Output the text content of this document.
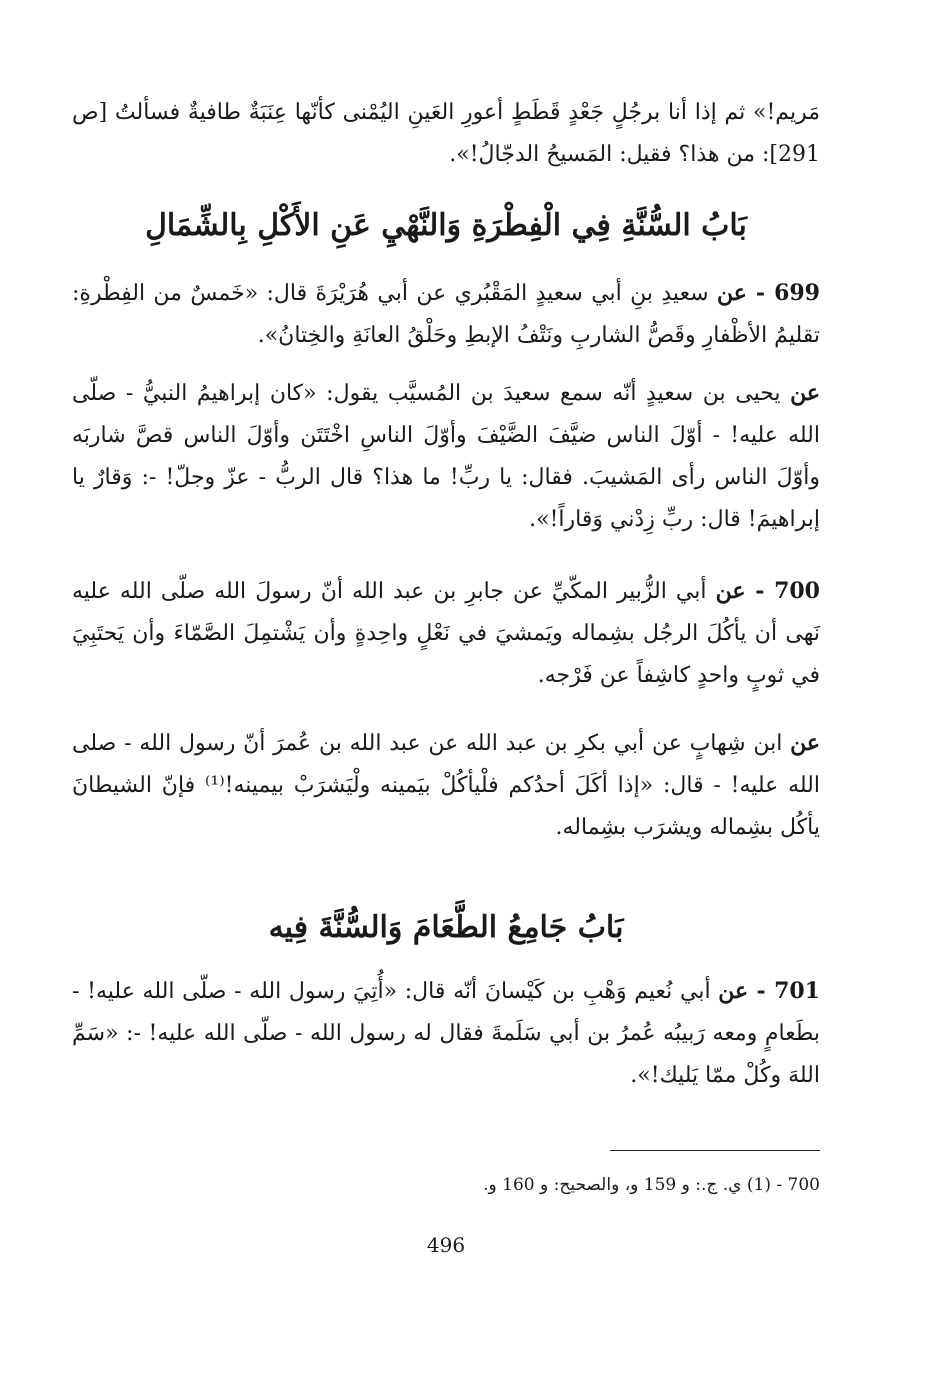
مَريم!» ثم إذا أنا برجُلٍ جَعْدٍ قَطَطٍ أعورِ العَينِ اليُمْنى كأنّها عِنَبَةٌ طافيةٌ فسألتُ [ص 291]: من هذا؟ فقيل: المَسيحُ الدجّالُ!».

بَابُ السُّنَّةِ فِي الْفِطْرَةِ وَالنَّهْيِ عَنِ الأَكْلِ بِالشِّمَالِ

699 - عن سعيدِ بنِ أبي سعيدٍ المَقْبُري عن أبي هُرَيْرَةَ قال: «خَمسٌ من الفِطْرةِ: تقليمُ الأظْفارِ وقَصُّ الشاربِ ونَتْفُ الإبطِ وحَلْقُ العانَةِ والخِتانُ».

عن يحيى بن سعيدٍ أنّه سمع سعيدَ بن المُسيَّب يقول: «كان إبراهيمُ النبيُّ - صلّى الله عليه! - أوّلَ الناس ضيَّفَ الضَّيْفَ وأوّلَ الناسِ اخْتَتَن وأوّلَ الناس قصَّ شاربَه وأوّلَ الناس رأى المَشيبَ. فقال: يا ربِّ! ما هذا؟ قال الربُّ - عزّ وجلّ! -: وَقارٌ يا إبراهيمَ! قال: ربِّ زِدْني وَقاراً!».

700 - عن أبي الزُّبير المكّيِّ عن جابرِ بن عبد الله أنّ رسولَ الله صلّى الله عليه نَهى أن يأكُلَ الرجُل بشِماله ويَمشيَ في نَعْلٍ واحِدةٍ وأن يَشْتمِلَ الصَّمّاءَ وأن يَحتَبِيَ في ثوبٍ واحدٍ كاشِفاً عن فَرْجه.

عن ابن شِهابٍ عن أبي بكرِ بن عبد الله عن عبد الله بن عُمرَ أنّ رسول الله - صلى الله عليه! - قال: «إذا أكَلَ أحدُكم فلْيأكُلْ بيَمينه ولْيَشرَبْ بيمينه!⁽¹⁾ فإنّ الشيطانَ يأكُل بشِماله ويشرَب بشِماله.

بَابُ جَامِعُ الطَّعَامَ وَالسُّنَّةَ فِيه

701 - عن أبي نُعيم وَهْبِ بن كَيْسانَ أنّه قال: «أُتِيَ رسول الله - صلّى الله عليه! - بطَعامٍ ومعه رَبيبُه عُمرُ بن أبي سَلَمةَ فقال له رسول الله - صلّى الله عليه! -: «سَمِّ اللهَ وكُلْ ممّا يَليك!».

700 - (1) ي. ج.: و 159 و، والصحيح: و 160 و.

496
